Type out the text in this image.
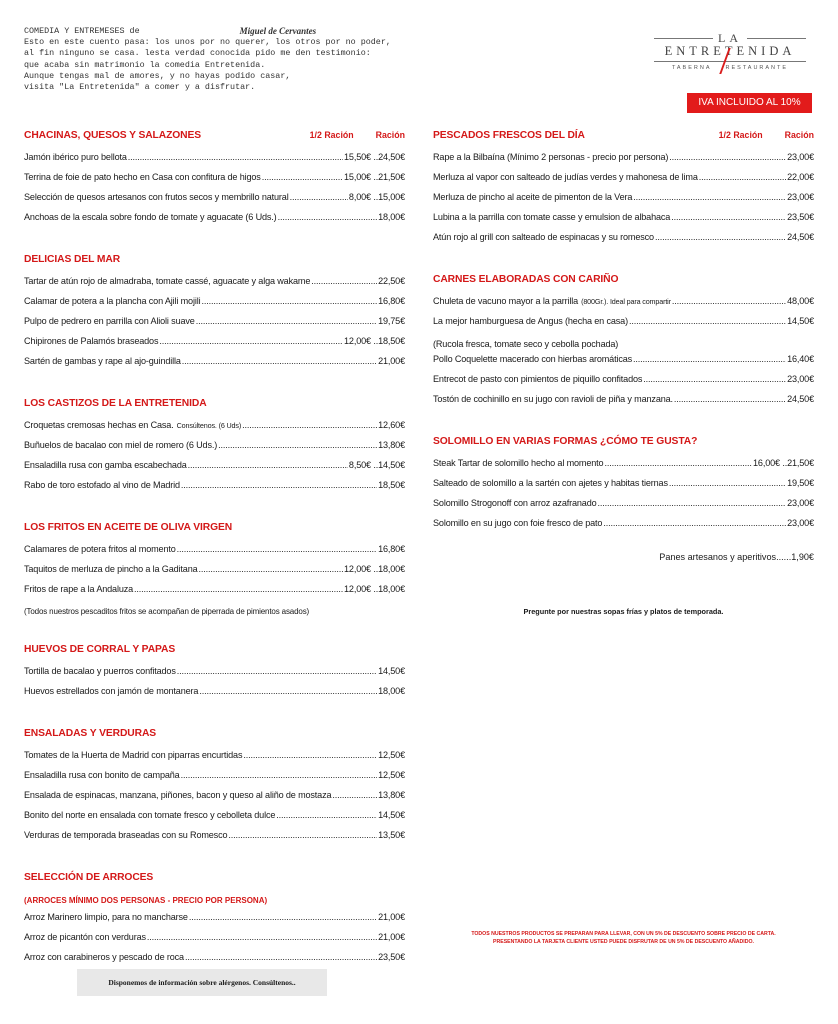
COMEDIA Y ENTREMESES de	Miguel de Cervantes
Esto en este cuento pasa: los unos por no querer, los otros por no poder,
al fin ninguno se casa. lesta verdad conocida pido me den testimonio:
que acaba sin matrimonio la comedia Entretenida.
Aunque tengas mal de amores, y no hayas podido casar,
visita "La Entretenida" a comer y a disfrutar.
LA
ENTRETENIDA
TABERNA	RESTAURANTE
IVA INCLUIDO AL 10%
CHACINAS, QUESOS Y SALAZONES	1/2 Ración	Ración
Jamón ibérico puro bellota .....	15,50€ .. 24,50€
Terrina de foie de pato hecho en Casa con confitura de higos .....	15,00€ .. 21,50€
Selección de quesos artesanos con frutos secos y membrillo natural .....	8,00€ .. 15,00€
Anchoas de la escala sobre fondo de tomate y aguacate (6 Uds.) .....	18,00€
DELICIAS DEL MAR
Tartar de atún rojo de almadraba, tomate cassé, aguacate y alga wakame .....	22,50€
Calamar de potera a la plancha con Ajili mojili .....	16,80€
Pulpo de pedrero en parrilla con Alioli suave .....	19,75€
Chipirones de Palamós braseados .....	12,00€ .. 18,50€
Sartén de gambas y rape al ajo-guindilla .....	21,00€
LOS CASTIZOS DE LA ENTRETENIDA
Croquetas cremosas hechas en Casa. Consúltenos. (6 Uds) .....	12,60€
Buñuelos de bacalao con miel de romero (6 Uds.) .....	13,80€
Ensaladilla rusa con gamba escabechada .....	8,50€ .. 14,50€
Rabo de toro estofado al vino de Madrid .....	18,50€
LOS FRITOS EN ACEITE DE OLIVA VIRGEN
Calamares de potera fritos al momento .....	16,80€
Taquitos de merluza de pincho a la Gaditana .....	12,00€ .. 18,00€
Fritos de rape a la Andaluza .....	12,00€ .. 18,00€
(Todos nuestros pescaditos fritos se acompañan de piperrada de pimientos asados)
HUEVOS DE CORRAL Y PAPAS
Tortilla de bacalao y puerros confitados .....	14,50€
Huevos estrellados con jamón de montanera .....	18,00€
ENSALADAS Y VERDURAS
Tomates de la Huerta de Madrid con piparras encurtidas .....	12,50€
Ensaladilla rusa con bonito de campaña .....	12,50€
Ensalada de espinacas, manzana, piñones, bacon y queso al aliño de mostaza .....	13,80€
Bonito del norte en ensalada con tomate fresco y cebolleta dulce .....	14,50€
Verduras de temporada braseadas con su Romesco .....	13,50€
SELECCIÓN DE ARROCES
(ARROCES MÍNIMO DOS PERSONAS - PRECIO POR PERSONA)
Arroz Marinero limpio, para no mancharse .....	21,00€
Arroz de picantón con verduras .....	21,00€
Arroz con carabineros y pescado de roca .....	23,50€
PESCADOS FRESCOS DEL DÍA	1/2 Ración	Ración
Rape a la Bilbaína (Mínimo 2 personas - precio por persona) .....	23,00€
Merluza al vapor con salteado de judías verdes y mahonesa de lima .....	22,00€
Merluza de pincho al aceite de pimenton de la Vera .....	23,00€
Lubina a la parrilla con tomate casse y emulsion de albahaca .....	23,50€
Atún rojo al grill con salteado de espinacas y su romesco .....	24,50€
CARNES ELABORADAS CON CARIÑO
Chuleta de vacuno mayor a la parrilla (800Gr.). Ideal para compartir .....	48,00€
La mejor hamburguesa de Angus (hecha en casa) .....	14,50€
(Rucola fresca, tomate seco y cebolla pochada)
Pollo Coquelette macerado con hierbas aromáticas .....	16,40€
Entrecot de pasto con pimientos de piquillo confitados .....	23,00€
Tostón de cochinillo en su jugo con ravioli de piña y manzana. .....	24,50€
SOLOMILLO EN VARIAS FORMAS ¿CÓMO TE GUSTA?
Steak Tartar de solomillo hecho al momento .....	16,00€ .. 21,50€
Salteado de solomillo a la sartén con ajetes y habitas tiernas .....	19,50€
Solomillo Strogonoff con arroz azafranado .....	23,00€
Solomillo en su jugo con foie fresco de pato .....	23,00€
Panes artesanos y aperitivos......1,90€
Pregunte por nuestras sopas frías y platos de temporada.
TODOS NUESTROS PRODUCTOS SE PREPARAN PARA LLEVAR, CON UN 5% DE DESCUENTO SOBRE PRECIO DE CARTA.
PRESENTANDO LA TARJETA CLIENTE USTED PUEDE DISFRUTAR DE UN 5% DE DESCUENTO AÑADIDO.
Disponemos de información sobre alérgenos. Consúltenos..
